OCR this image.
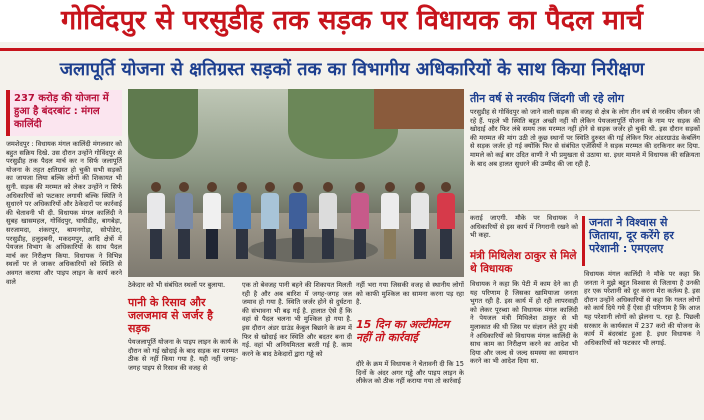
गोविंदपुर से परसुडीह तक सड़क पर विधायक का पैदल मार्च
जलापूर्ति योजना से क्षतिग्रस्त सड़कों तक का विभागीय अधिकारियों के साथ किया निरीक्षण
237 करोड़ की योजना में हुआ है बंदरबांट : मंगल कालिंदी

जमशेदपुर : विधायक मंगल कालिंदी मंगलवार को बहुत सक्रिय दिखे. उस दौरान उन्होंने गोविंदपुर से परसुडीह तक पैदल मार्च कर न सिर्फ जलापूर्ति योजना के तहत क्षतिग्रस्त हो चुकी सभी सड़कों का जायजा लिया बल्कि लोगों की शिकायत भी सुनी. सड़क की मरम्मत को लेकर उन्होंने न सिर्फ अधिकारियों को फटकार लगायी बल्कि स्थिति ने सुधारने पर अधिकारियों और ठेकेदारों पर कार्रवाई की चेतावनी भी दी. विधायक मंगल कालिंदी ने सुबह खासमहल, गोविंदपुर, घाघीडीह, बागबेड़ा, सरजामदा, शंकरपुर, बामनगोड़ा, सोपोडेरा, परसुडीह, हलुदबनी, मकदमपुर, आदि क्षेत्रों में पेयजल विभाग के अधिकारियों के साथ पैदल मार्च कर निरीक्षण किया. विधायक ने विभिन्न स्थलों पर ले जाकर अधिकारियों को स्थिति से अवगत कराया और पाइप लाइन के कार्य करने वाले	ठेकेदार को भी संबंधित स्थलों पर बुलाया.

पानी के रिसाव और जलजमाव से जर्जर है सड़क

पेयजलापूर्ति योजना के पाइप लाइन के कार्य के दौरान को गई खोदाई के बाद सड़क का मरम्मत ठीक से नहीं किया गया है. यही नहीं जगह-जगह पाइप से रिसाव की वजह से

एक तो बेवजह पानी बहने की शिकायत मिलती रही है और अब बारिश में जगह-जगह जल जमाव हो गया है. स्थिति जर्जर होने से दुर्घटना की संभावना भी बढ़ गई है. हालात ऐसे हैं कि वहां से पैदल चलना भी मुश्किल हो गया है. इस दौरान अंडर ग्राउंड केबुल बिछाने के क्रम में फिर से खोदाई कर स्थिति और बदतर बना दी गई. वहां भी अनियमितता बरती गई है. काम करने के बाद ठेकेदारों द्वारा गड्ढे को

नहीं भरा गया जिसकी वजह से स्थानीय लोगों को काफी मुश्किल का सामना करना पड़ रहा है.

15 दिन का अल्टीमेटम नहीं तो कार्रवाई

दौरे के क्रम में विधायक ने चेतावनी दी कि 15 दिनों के अंदर अगर गड्ढे और पाइप लाइन के लीकेज को ठीक नहीं कराया गया तो कार्रवाई

तीन वर्ष से नरकीय जिंदगी जी रहे लोग

परसुडीह से गोविंदपुर को जाने वाली सड़क की वजह से क्षेत्र के लोग तीन वर्ष से नरकीय जीवन जी रहे हैं. पहले भी स्थिति बहुत अच्छी नहीं थी लेकिन पेयजलापूर्ति योजना के नाम पर सड़क की खोदाई और फिर लंबे समय तक मरम्मत नहीं होने से सड़क जर्जर हो चुकी थी. इस दौरान सड़कों की मरम्मत की मांग उठी तो कुछ स्थानों पर स्थिति दुरुस्त की गई लेकिन फिर अंडरग्राउंड केबलिंग से सड़क जर्जर हो गई क्योंकि फिर से संबंधित एजेंसियों ने सड़क मरम्मत की दरकिनार कर दिया. मामले को कई बार उदित वाणी ने भी प्रमुखता से उठाया था. इधर मामले में विधायक की सक्रियता के बाद अब हालत सुधरने की उम्मीद की जा रही है.

कराई जाएगी. मौके पर विधायक ने अधिकारियों से इस कार्य में निगरानी रखने को भी कहा.

मंत्री मिथिलेश ठाकुर से मिले थे विधायक

विधायक ने कहा कि पेटी में काम देने का ही यह परिणाम है जिसका खामियाजा जनता भुगत रही है. इस कार्य में हो रही लापरवाही को लेकर पूरब्धा को विधायक मंगल कालिंदी ने पेयजल मंत्री मिथिलेश ठाकुर से भी मुलाकात की थी जिस पर संज्ञान लेते हुए मंत्री ने अधिकारियों को विधायक मंगल कालिंदी के साथ काम का निरीक्षण करने का आदेश भी दिया और जल्द से जल्द समस्या का समाधान करने का भी आदेश दिया था.

जनता ने विश्वास से जिताया, दूर करेंगे हर परेशानी : एमएलए

विधायक मंगल कालिंदी ने मौके पर कहा कि जनता ने मुझे बहुत विश्वास से जिताया है उनकी हर एक परेशानी को दूर करना मेरा कर्तव्य है. इस दौरान उन्होंने अधिकारियों से कहा कि गलत लोगों को कार्य दिये गये हैं ऐसा ही परिणाम है कि आज यह परेशानी लोगों को झेलना प. रहा है. पिछली सरकार के कार्यकाल में 237 करो की योजना के कार्य में बंदरबांट हुआ है. इधर विधायक ने अधिकारियों को फटकार भी लगाई.
